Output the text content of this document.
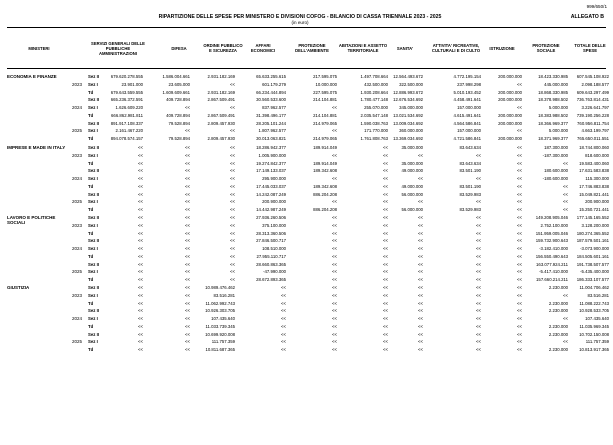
999/650/1
RIPARTIZIONE DELLE SPESE PER MINISTERO E DIVISIONI COFOG - BILANCIO DI CASSA TRIENNALE 2023 - 2025
(in euro)
ALLEGATO B
MINISTERI
SERVIZI GENERALI DELLE PUBBLICHE AMMINISTRAZIONI
DIFESA	ORDINE PUBBLICO E SICUREZZA
AFFARI ECONOMICI
PROTEZIONE DELL'AMBIENTE
ABITAZIONI E ASSETTO TERRITORIALE	SANITA'	ATTIVITA' RICREATIVE, CULTURALI E DI CULTO	ISTRUZIONE	PROTEZIONE SOCIALE
TOTALE DELLE SPESE
ECONOMIA E FINANZE	Sez II	679.620.278.555	1.586.004.661	2.931.182.169	65.633.255.615	217.595.075	1.497.708.664	12.564.493.672	4.772.195.154	200.000.000	18.423.330.985	607.545.108.922
2023 Sez I	23.901.000	23.605.000	<<	601.179.279	10.000.000	432.500.000	322.500.000	237.998.298	<<	445.000.000	2.098.188.577
Td	679.643.559.555	1.609.609.661	2.931.182.169	66.234.444.894	227.595.075	1.930.208.664	12.886.993.672	5.010.193.452	200.000.000	18.868.330.985	609.643.297.499
Sez II	665.236.372.591	409.728.894	2.867.509.491	30.560.533.600	214.104.881	1.780.477.148	12.676.534.692	4.458.491.641	200.000.000	18.378.988.502	736.763.814.431
2024 Sez I	1.626.609.220	<<	<<	837.962.577	<<	255.070.000	345.000.000	157.000.000	<<	5.000.000	3.226.641.797
Td	666.862.981.811	409.728.894	2.867.509.491	31.398.496.177	214.104.881	2.035.547.148	13.021.534.692	4.615.491.641	200.000.000	18.383.988.502	739.190.256.228
Sez II	891.917.108.337	79.528.894	2.809.457.930	28.205.101.244	214.979.065	1.590.038.763	13.009.034.692	4.564.586.841	200.000.000	18.366.969.377	760.956.811.754
2025 Sez I	2.161.467.220	<<	<<	1.807.962.577	<<	171.770.000	360.000.000	157.000.000	<<	5.000.000	4.663.199.797
Td	894.078.574.157	79.528.894	2.809.457.930	30.013.063.821	214.979.065	1.761.808.763	13.369.034.692	4.721.586.841	200.000.000	18.371.969.377	765.650.011.551
IMPRESE E MADE IN ITALY	Sez II	<<	<<	<<	18.286.942.377	189.914.049	<<	35.000.000	83.643.634	<<	187.300.000	18.744.800.060
2023 Sez I	<<	<<	<<	1.005.900.000	<<	<<	<<	<<	<<	-187.300.000	818.600.000
Td	<<	<<	<<	19.274.842.377	189.914.049	<<	35.000.000	83.643.634	<<	<<	19.583.400.060
Sez II	<<	<<	<<	17.149.133.037	189.342.608	<<	49.000.000	83.501.190	<<	180.600.000	17.631.583.838
2024 Sez I	<<	<<	<<	295.900.000	<<	<<	<<	<<	<<	-180.600.000	115.300.000
Td	<<	<<	<<	17.445.033.037	189.342.608	<<	49.000.000	83.501.190	<<	<<	17.746.883.838
Sez II	<<	<<	<<	14.242.087.249	886.204.208	<<	56.000.000	83.529.983	<<	<<	15.049.821.441
2025 Sez I	<<	<<	<<	200.900.000	<<	<<	<<	<<	<<	<<	200.900.000
Td	<<	<<	<<	14.442.987.249	886.204.208	<<	56.000.000	83.529.983	<<	<<	15.250.721.441
LAVORO E POLITICHE SOCIALI
Sez II	<<	<<	<<	27.936.260.506	<<	<<	<<	<<	<<	149.208.905.046	177.145.165.552
2023 Sez I	<<	<<	<<	375.100.000	<<	<<	<<	<<	<<	2.752.100.000	3.128.200.000
Td	<<	<<	<<	28.313.360.506	<<	<<	<<	<<	<<	151.959.005.046	180.274.365.552
Sez II	<<	<<	<<	27.846.500.717	<<	<<	<<	<<	<<	159.732.900.643	187.579.501.161
2024 Sez I	<<	<<	<<	108.510.000	<<	<<	<<	<<	<<	-3.182.410.000	-3.073.900.000
Td	<<	<<	<<	27.955.110.717	<<	<<	<<	<<	<<	156.550.490.643	184.505.601.161
Sez II	<<	<<	<<	28.660.863.365	<<	<<	<<	<<	<<	163.077.924.211	191.738.507.577
2025 Sez I	<<	<<	<<	-47.990.000	<<	<<	<<	<<	<<	-5.417.410.000	-5.435.400.000
Td	<<	<<	<<	28.672.893.365	<<	<<	<<	<<	<<	157.660.214.211	186.333.107.577
GIUSTIZIA	Sez II	<<	<<	10.989.476.462	<<	<<	<<	<<	<<	<<	2.230.000	11.004.706.462
2023 Sez I	<<	<<	83.516.281	<<	<<	<<	<<	<<	<<	<<	83.516.281
Td	<<	<<	11.062.992.743	<<	<<	<<	<<	<<	<<	2.230.000	11.088.222.743
Sez II	<<	<<	10.926.303.705	<<	<<	<<	<<	<<	<<	2.230.000	10.928.533.705
2024 Sez I	<<	<<	107.435.640	<<	<<	<<	<<	<<	<<	<<	107.435.640
Td	<<	<<	11.033.739.345	<<	<<	<<	<<	<<	<<	2.230.000	11.035.969.345
Sez II	<<	<<	10.699.920.008	<<	<<	<<	<<	<<	<<	2.230.000	10.702.150.008
2025 Sez I	<<	<<	111.757.359	<<	<<	<<	<<	<<	<<	<<	111.757.359
Td	<<	<<	10.811.687.365	<<	<<	<<	<<	<<	<<	2.230.000	10.813.917.365
